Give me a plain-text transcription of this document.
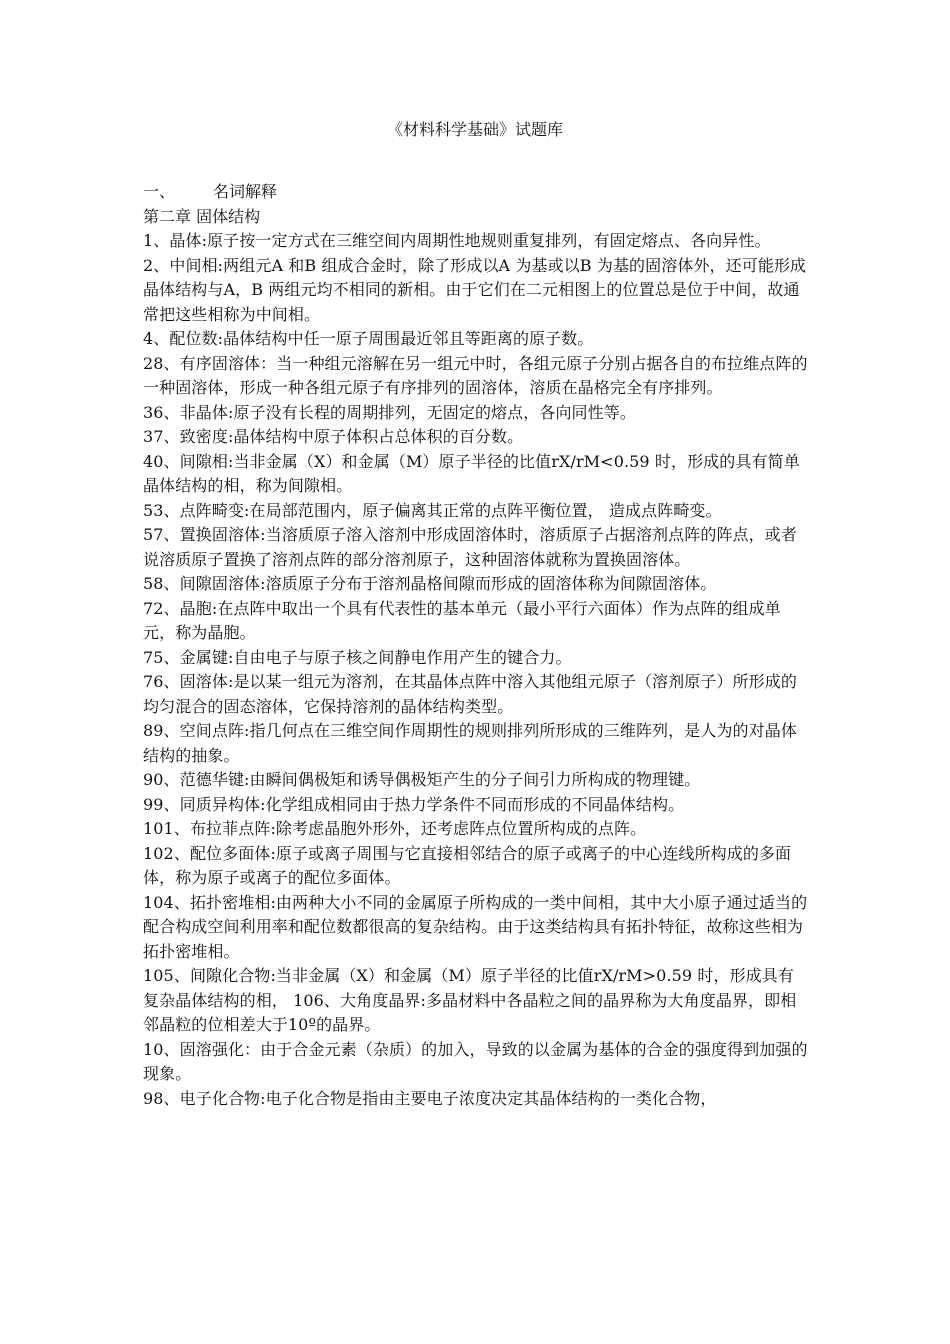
《材料科学基础》试题库
一、 名词解释
第二章 固体结构
1、晶体:原子按一定方式在三维空间内周期性地规则重复排列，有固定熔点、各向异性。
2、中间相:两组元A 和B 组成合金时，除了形成以A 为基或以B 为基的固溶体外，还可能形成晶体结构与A，B 两组元均不相同的新相。由于它们在二元相图上的位置总是位于中间，故通常把这些相称为中间相。
4、配位数:晶体结构中任一原子周围最近邻且等距离的原子数。
28、有序固溶体：当一种组元溶解在另一组元中时，各组元原子分别占据各自的布拉维点阵的一种固溶体，形成一种各组元原子有序排列的固溶体，溶质在晶格完全有序排列。
36、非晶体:原子没有长程的周期排列，无固定的熔点，各向同性等。
37、致密度:晶体结构中原子体积占总体积的百分数。
40、间隙相:当非金属（X）和金属（M）原子半径的比值rX/rM<0.59 时，形成的具有简单晶体结构的相，称为间隙相。
53、点阵畸变:在局部范围内，原子偏离其正常的点阵平衡位置， 造成点阵畸变。
57、置换固溶体:当溶质原子溶入溶剂中形成固溶体时，溶质原子占据溶剂点阵的阵点，或者说溶质原子置换了溶剂点阵的部分溶剂原子，这种固溶体就称为置换固溶体。
58、间隙固溶体:溶质原子分布于溶剂晶格间隙而形成的固溶体称为间隙固溶体。
72、晶胞:在点阵中取出一个具有代表性的基本单元（最小平行六面体）作为点阵的组成单元，称为晶胞。
75、金属键:自由电子与原子核之间静电作用产生的键合力。
76、固溶体:是以某一组元为溶剂，在其晶体点阵中溶入其他组元原子（溶剂原子）所形成的均匀混合的固态溶体，它保持溶剂的晶体结构类型。
89、空间点阵:指几何点在三维空间作周期性的规则排列所形成的三维阵列，是人为的对晶体结构的抽象。
90、范德华键:由瞬间偶极矩和诱导偶极矩产生的分子间引力所构成的物理键。
99、同质异构体:化学组成相同由于热力学条件不同而形成的不同晶体结构。
101、布拉菲点阵:除考虑晶胞外形外，还考虑阵点位置所构成的点阵。
102、配位多面体:原子或离子周围与它直接相邻结合的原子或离子的中心连线所构成的多面体，称为原子或离子的配位多面体。
104、拓扑密堆相:由两种大小不同的金属原子所构成的一类中间相，其中大小原子通过适当的配合构成空间利用率和配位数都很高的复杂结构。由于这类结构具有拓扑特征，故称这些相为拓扑密堆相。
105、间隙化合物:当非金属（X）和金属（M）原子半径的比值rX/rM>0.59 时，形成具有复杂晶体结构的相， 106、大角度晶界:多晶材料中各晶粒之间的晶界称为大角度晶界，即相邻晶粒的位相差大于10º的晶界。
10、固溶强化：由于合金元素（杂质）的加入，导致的以金属为基体的合金的强度得到加强的现象。
98、电子化合物:电子化合物是指由主要电子浓度决定其晶体结构的一类化合物，
